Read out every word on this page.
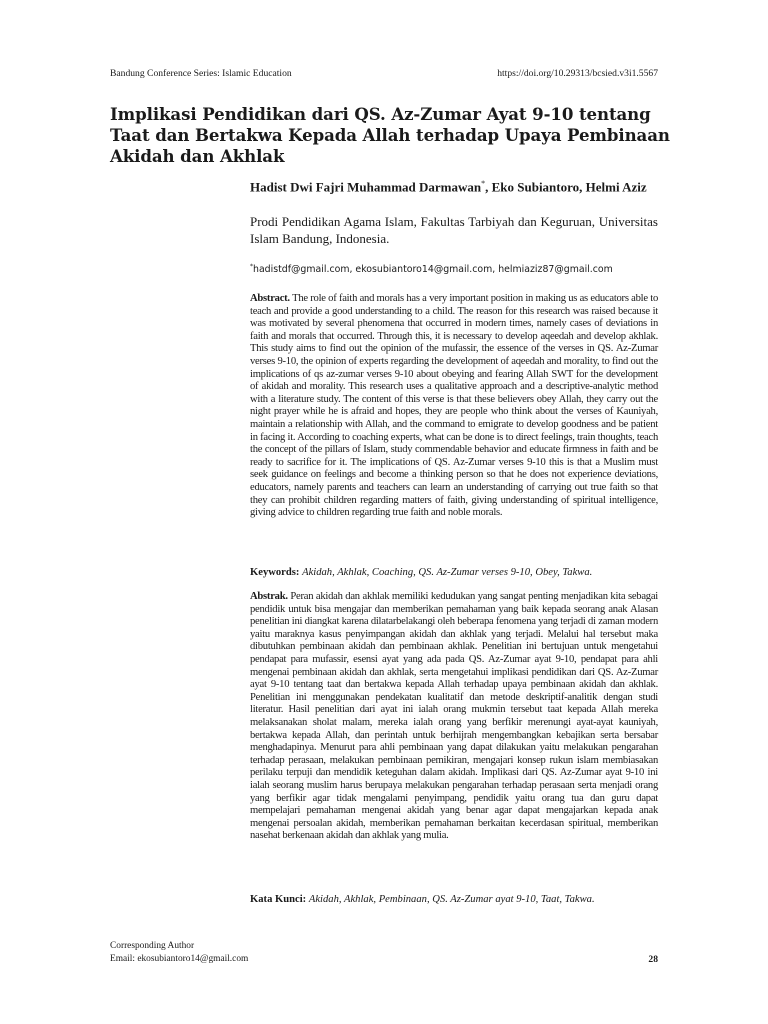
Bandung Conference Series: Islamic Education	https://doi.org/10.29313/bcsied.v3i1.5567
Implikasi Pendidikan dari QS. Az-Zumar Ayat 9-10 tentang Taat dan Bertakwa Kepada Allah terhadap Upaya Pembinaan Akidah dan Akhlak

Hadist Dwi Fajri Muhammad Darmawan*, Eko Subiantoro, Helmi Aziz

Prodi Pendidikan Agama Islam, Fakultas Tarbiyah dan Keguruan, Universitas Islam Bandung, Indonesia.

*hadistdf@gmail.com, ekosubiantoro14@gmail.com, helmiaziz87@gmail.com

Abstract. The role of faith and morals has a very important position in making us as educators able to teach and provide a good understanding to a child. The reason for this research was raised because it was motivated by several phenomena that occurred in modern times, namely cases of deviations in faith and morals that occurred. Through this, it is necessary to develop aqeedah and develop akhlak. This study aims to find out the opinion of the mufassir, the essence of the verses in QS. Az-Zumar verses 9-10, the opinion of experts regarding the development of aqeedah and morality, to find out the implications of qs az-zumar verses 9-10 about obeying and fearing Allah SWT for the development of akidah and morality. This research uses a qualitative approach and a descriptive-analytic method with a literature study. The content of this verse is that these believers obey Allah, they carry out the night prayer while he is afraid and hopes, they are people who think about the verses of Kauniyah, maintain a relationship with Allah, and the command to emigrate to develop goodness and be patient in facing it. According to coaching experts, what can be done is to direct feelings, train thoughts, teach the concept of the pillars of Islam, study commendable behavior and educate firmness in faith and be ready to sacrifice for it. The implications of QS. Az-Zumar verses 9-10 this is that a Muslim must seek guidance on feelings and become a thinking person so that he does not experience deviations, educators, namely parents and teachers can learn an understanding of carrying out true faith so that they can prohibit children regarding matters of faith, giving understanding of spiritual intelligence, giving advice to children regarding true faith and noble morals.

Keywords: Akidah, Akhlak, Coaching, QS. Az-Zumar verses 9-10, Obey, Takwa.

Abstrak. Peran akidah dan akhlak memiliki kedudukan yang sangat penting menjadikan kita sebagai pendidik untuk bisa mengajar dan memberikan pemahaman yang baik kepada seorang anak Alasan penelitian ini diangkat karena dilatarbelakangi oleh beberapa fenomena yang terjadi di zaman modern yaitu maraknya kasus penyimpangan akidah dan akhlak yang terjadi. Melalui hal tersebut maka dibutuhkan pembinaan akidah dan pembinaan akhlak. Penelitian ini bertujuan untuk mengetahui pendapat para mufassir, esensi ayat yang ada pada QS. Az-Zumar ayat 9-10, pendapat para ahli mengenai pembinaan akidah dan akhlak, serta mengetahui implikasi pendidikan dari QS. Az-Zumar ayat 9-10 tentang taat dan bertakwa kepada Allah terhadap upaya pembinaan akidah dan akhlak. Penelitian ini menggunakan pendekatan kualitatif dan metode deskriptif-analitik dengan studi literatur. Hasil penelitian dari ayat ini ialah orang mukmin tersebut taat kepada Allah mereka melaksanakan sholat malam, mereka ialah orang yang berfikir merenungi ayat-ayat kauniyah, bertakwa kepada Allah, dan perintah untuk berhijrah mengembangkan kebajikan serta bersabar menghadapinya. Menurut para ahli pembinaan yang dapat dilakukan yaitu melakukan pengarahan terhadap perasaan, melakukan pembinaan pemikiran, mengajari konsep rukun islam membiasakan perilaku terpuji dan mendidik keteguhan dalam akidah. Implikasi dari QS. Az-Zumar ayat 9-10 ini ialah seorang muslim harus berupaya melakukan pengarahan terhadap perasaan serta menjadi orang yang berfikir agar tidak mengalami penyimpang, pendidik yaitu orang tua dan guru dapat mempelajari pemahaman mengenai akidah yang benar agar dapat mengajarkan kepada anak mengenai persoalan akidah, memberikan pemahaman berkaitan kecerdasan spiritual, memberikan nasehat berkenaan akidah dan akhlak yang mulia.

Kata Kunci: Akidah, Akhlak, Pembinaan, QS. Az-Zumar ayat 9-10, Taat, Takwa.

Corresponding Author
Email: ekosubiantoro14@gmail.com	28
